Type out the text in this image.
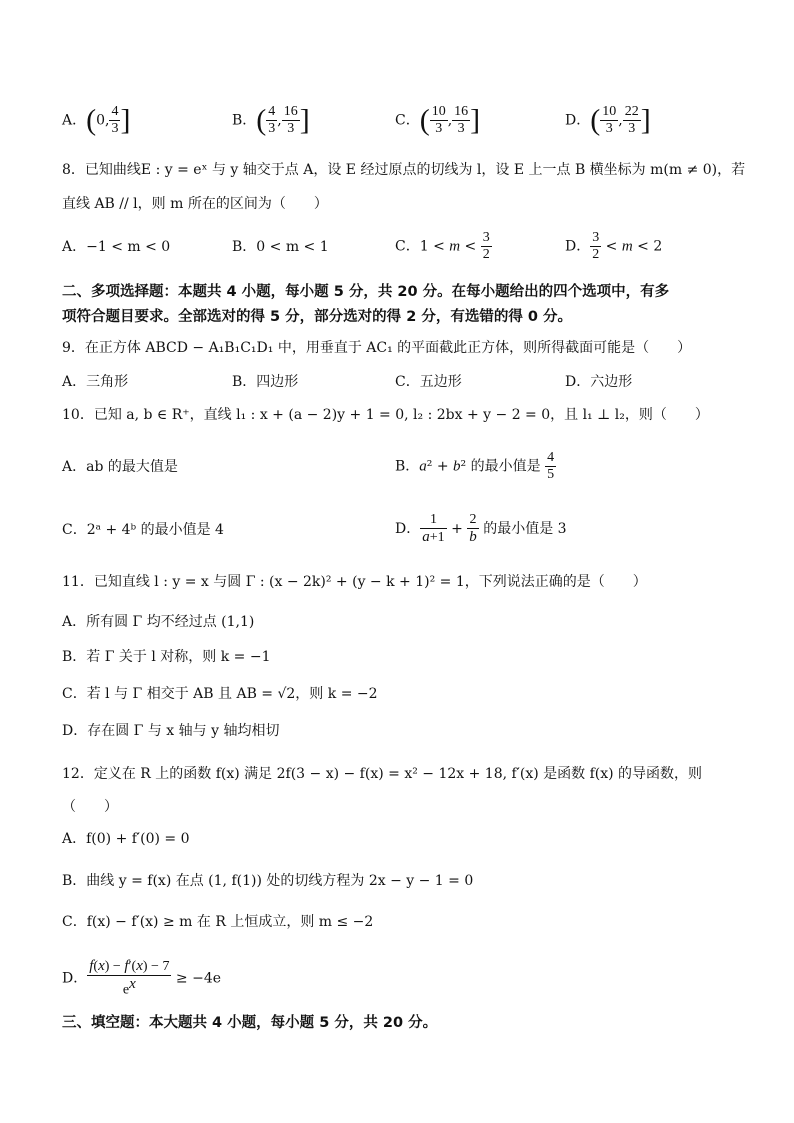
A．(0, $\frac{4}{3}$ ]	B．( $\frac{4}{3}$ , $\frac{16}{3}$ ]	C．( $\frac{10}{3}$ , $\frac{16}{3}$ ]	D．( $\frac{10}{3}$ , $\frac{22}{3}$ ]
8．已知曲线E : y = eˣ 与 y 轴交于点 A，设 E 经过原点的切线为 l，设 E 上一点 B 横坐标为 m(m ≠ 0)，若
直线 AB // l，则 m 所在的区间为（　　）
A．−1 < m < 0	B．0 < m < 1	C．$1 < m < \frac{3}{2}$	D． $\frac{3}{2} < m < 2$
二、多项选择题：本题共 4 小题，每小题 5 分，共 20 分。在每小题给出的四个选项中，有多
项符合题目要求。全部选对的得 5 分，部分选对的得 2 分，有选错的得 0 分。
9．在正方体 ABCD − A₁B₁C₁D₁ 中，用垂直于 AC₁ 的平面截此正方体，则所得截面可能是（　　）
A．三角形	B．四边形	C．五边形	D．六边形
10．已知 a, b ∈ R⁺，直线 l₁ : x + (a − 2)y + 1 = 0, l₂ : 2bx + y − 2 = 0，且 l₁ ⊥ l₂，则（　　）
A．ab 的最大值是	B．a² + b² 的最小值是 $\frac{4}{5}$
C．2ᵃ + 4ᵇ 的最小值是 4	D． $\frac{1}{a+1} + \frac{2}{b}$ 的最小值是 3
11．已知直线 l : y = x 与圆 Γ : (x − 2k)² + (y − k + 1)² = 1，下列说法正确的是（　　）
A．所有圆 Γ 均不经过点 (1,1)
B．若 Γ 关于 l 对称，则 k = −1
C．若 l 与 Γ 相交于 AB 且 AB = √2，则 k = −2
D．存在圆 Γ 与 x 轴与 y 轴均相切
12．定义在 R 上的函数 f(x) 满足 2f(3 − x) − f(x) = x² − 12x + 18, f′(x) 是函数 f(x) 的导函数，则
（　　）
A．f(0) + f′(0) = 0
B．曲线 y = f(x) 在点 (1, f(1)) 处的切线方程为 2x − y − 1 = 0
C．f(x) − f′(x) ≥ m 在 R 上恒成立，则 m ≤ −2
D． $\frac{f(x) - f'(x) - 7}{e^x} \ge -4e$
三、填空题：本大题共 4 小题，每小题 5 分，共 20 分。
